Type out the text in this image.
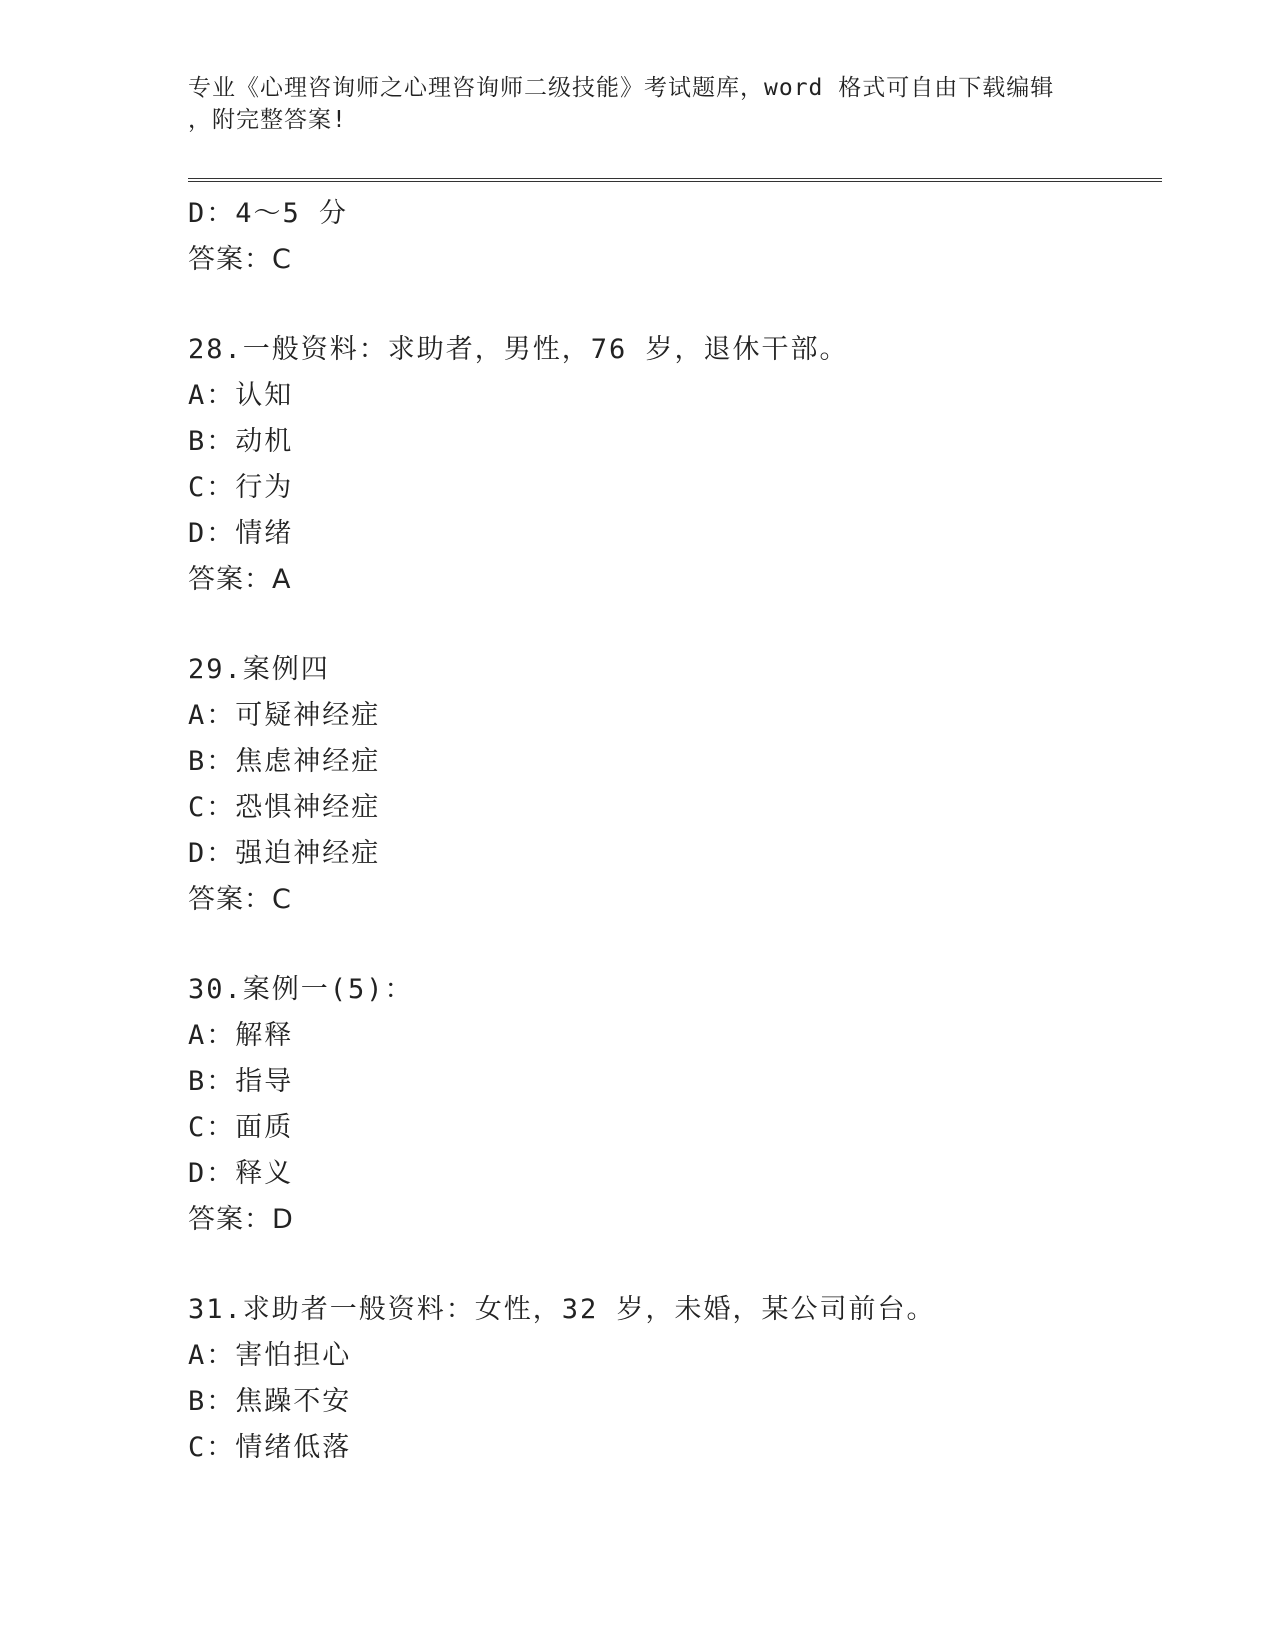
专业《心理咨询师之心理咨询师二级技能》考试题库，word 格式可自由下载编辑
，附完整答案!
D：4～5 分
答案：C
28.一般资料：求助者，男性，76 岁，退休干部。
A：认知
B：动机
C：行为
D：情绪
答案：A
29.案例四
A：可疑神经症
B：焦虑神经症
C：恐惧神经症
D：强迫神经症
答案：C
30.案例一(5)：
A：解释
B：指导
C：面质
D：释义
答案：D
31.求助者一般资料：女性，32 岁，未婚，某公司前台。
A：害怕担心
B：焦躁不安
C：情绪低落
